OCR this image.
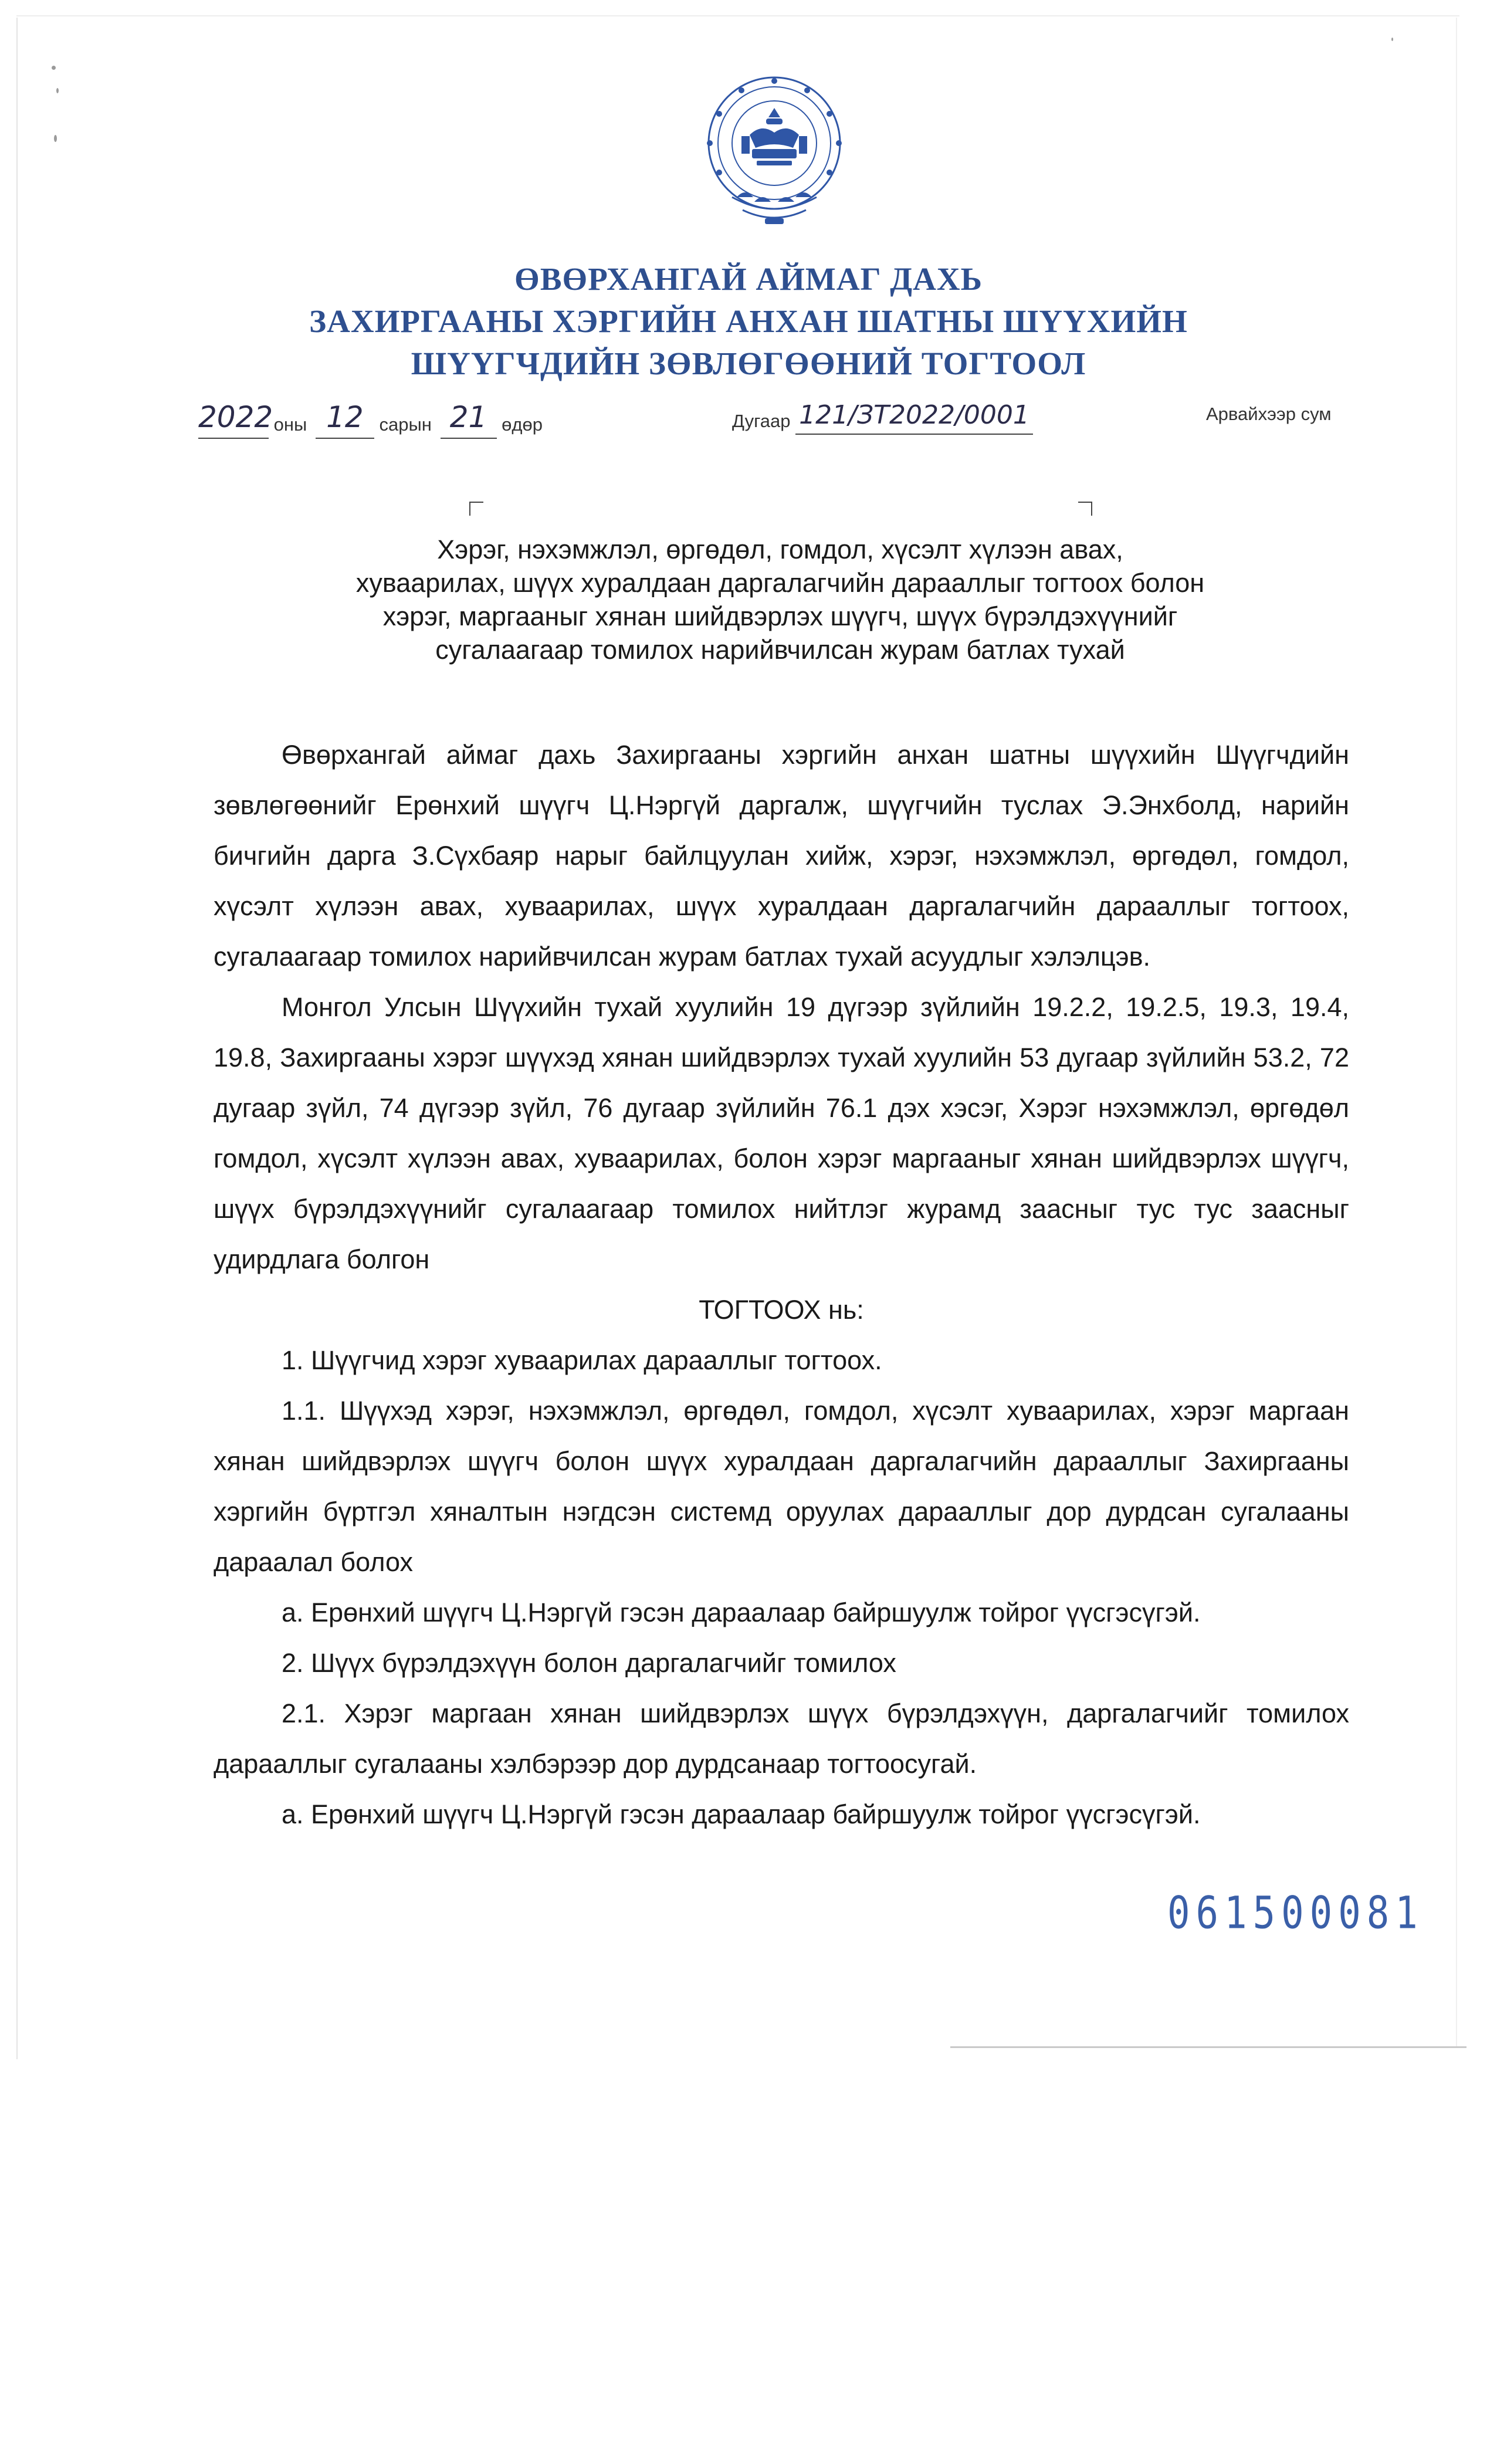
ӨВӨРХАНГАЙ АЙМАГ ДАХЬ
ЗАХИРГААНЫ ХЭРГИЙН АНХАН ШАТНЫ ШҮҮХИЙН
ШҮҮГЧДИЙН ЗӨВЛӨГӨӨНИЙ ТОГТООЛ
2022 оны 12 сарын 21 өдөр	Дугаар 121/ЗТ2022/0001	Арвайхээр сум
Хэрэг, нэхэмжлэл, өргөдөл, гомдол, хүсэлт хүлээн авах,
хуваарилах, шүүх хуралдаан даргалагчийн дарааллыг тогтоох болон
хэрэг, маргааныг хянан шийдвэрлэх шүүгч, шүүх бүрэлдэхүүнийг
сугалаагаар томилох нарийвчилсан журам батлах тухай

Өвөрхангай аймаг дахь Захиргааны хэргийн анхан шатны шүүхийн Шүүгчдийн зөвлөгөөнийг Ерөнхий шүүгч Ц.Нэргүй даргалж, шүүгчийн туслах Э.Энхболд, нарийн бичгийн дарга З.Сүхбаяр нарыг байлцуулан хийж, хэрэг, нэхэмжлэл, өргөдөл, гомдол, хүсэлт хүлээн авах, хуваарилах, шүүх хуралдаан даргалагчийн дарааллыг тогтоох, сугалаагаар томилох нарийвчилсан журам батлах тухай асуудлыг хэлэлцэв.

Монгол Улсын Шүүхийн тухай хуулийн 19 дүгээр зүйлийн 19.2.2, 19.2.5, 19.3, 19.4, 19.8, Захиргааны хэрэг шүүхэд хянан шийдвэрлэх тухай хуулийн 53 дугаар зүйлийн 53.2, 72 дугаар зүйл, 74 дүгээр зүйл, 76 дугаар зүйлийн 76.1 дэх хэсэг, Хэрэг нэхэмжлэл, өргөдөл гомдол, хүсэлт хүлээн авах, хуваарилах, болон хэрэг маргааныг хянан шийдвэрлэх шүүгч, шүүх бүрэлдэхүүнийг сугалаагаар томилох нийтлэг журамд заасныг тус тус заасныг удирдлага болгон

ТОГТООХ нь:

1. Шүүгчид хэрэг хуваарилах дарааллыг тогтоох.

1.1. Шүүхэд хэрэг, нэхэмжлэл, өргөдөл, гомдол, хүсэлт хуваарилах, хэрэг маргаан хянан шийдвэрлэх шүүгч болон шүүх хуралдаан даргалагчийн дарааллыг Захиргааны хэргийн бүртгэл хяналтын нэгдсэн системд оруулах дарааллыг дор дурдсан сугалааны дараалал болох

а. Ерөнхий шүүгч Ц.Нэргүй гэсэн дараалаар байршуулж тойрог үүсгэсүгэй.

2. Шүүх бүрэлдэхүүн болон даргалагчийг томилох

2.1. Хэрэг маргаан хянан шийдвэрлэх шүүх бүрэлдэхүүн, даргалагчийг томилох дарааллыг сугалааны хэлбэрээр дор дурдсанаар тогтоосугай.

а. Ерөнхий шүүгч Ц.Нэргүй гэсэн дараалаар байршуулж тойрог үүсгэсүгэй.

061500081
